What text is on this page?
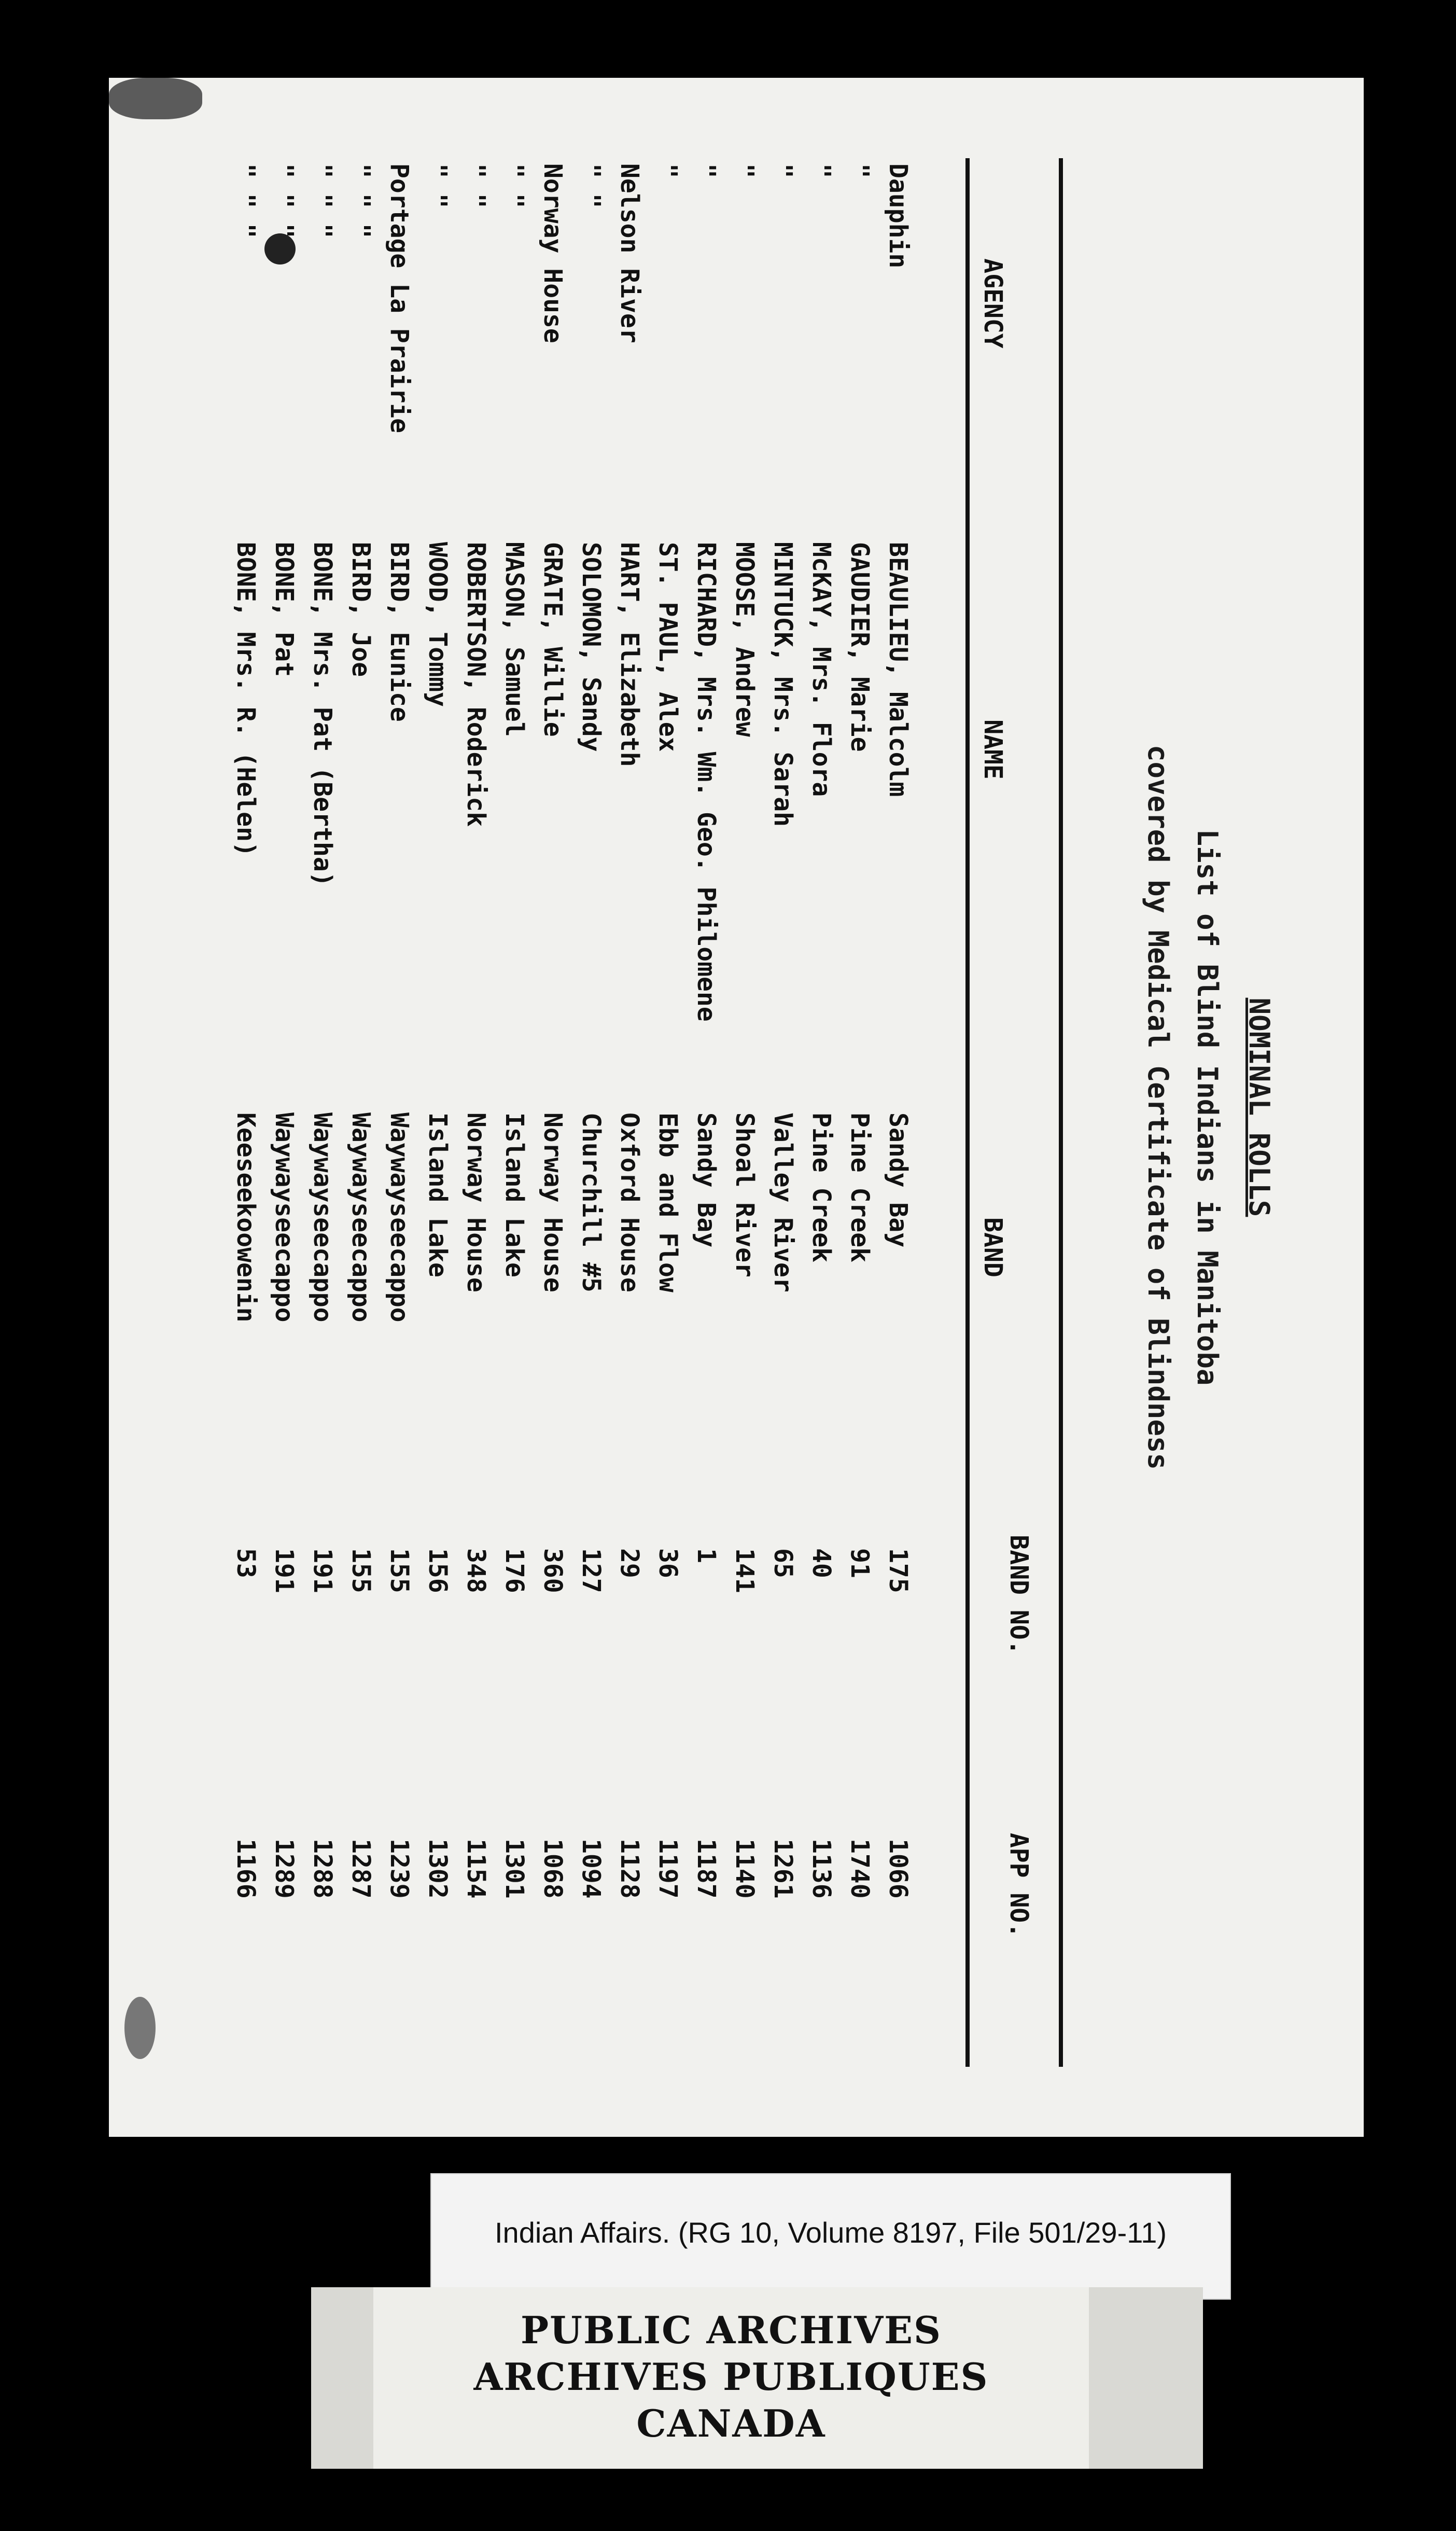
NOMINAL ROLLS
List of Blind Indians in Manitoba
covered by Medical Certificate of Blindness
AGENCY
NAME
BAND
BAND NO.
APP NO.
Dauphin
BEAULIEU, Malcolm
Sandy Bay
175
1066
"
GAUDIER, Marie
Pine Creek
91
1740
"
McKAY, Mrs. Flora
Pine Creek
40
1136
"
MINTUCK, Mrs. Sarah
Valley River
65
1261
"
MOOSE, Andrew
Shoal River
141
1140
"
RICHARD, Mrs. Wm. Geo. Philomene
Sandy Bay
1
1187
"
ST. PAUL, Alex
Ebb and Flow
36
1197
Nelson River
HART, Elizabeth
Oxford House
29
1128
" "
SOLOMON, Sandy
Churchill #5
127
1094
Norway House
GRATE, Willie
Norway House
360
1068
" "
MASON, Samuel
Island Lake
176
1301
" "
ROBERTSON, Roderick
Norway House
348
1154
" "
WOOD, Tommy
Island Lake
156
1302
Portage La Prairie
BIRD, Eunice
Waywayseecappo
155
1239
" " "
BIRD, Joe
Waywayseecappo
155
1287
" " "
BONE, Mrs. Pat (Bertha)
Waywayseecappo
191
1288
" " "
BONE, Pat
Waywayseecappo
191
1289
" " "
BONE, Mrs. R. (Helen)
Keeseekoowenin
53
1166
Indian Affairs. (RG 10, Volume 8197, File 501/29-11)
PUBLIC ARCHIVES
ARCHIVES PUBLIQUES
CANADA
